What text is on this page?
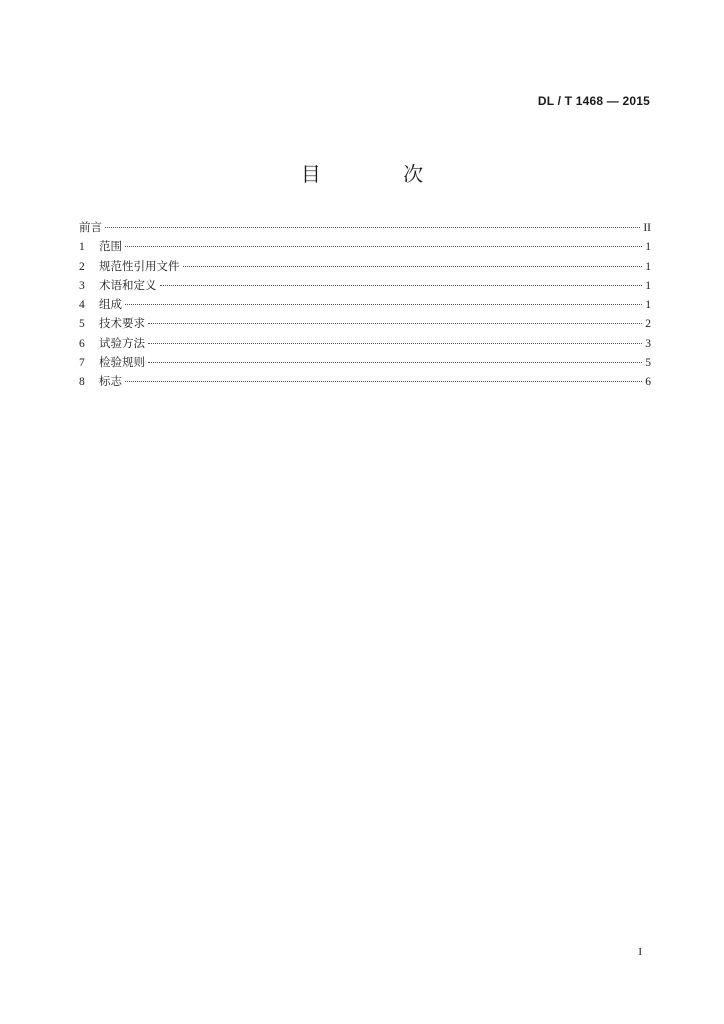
DL / T 1468 — 2015
目 次
前言	II
1	范围	1
2	规范性引用文件	1
3	术语和定义	1
4	组成	1
5	技术要求	2
6	试验方法	3
7	检验规则	5
8	标志	6
I
